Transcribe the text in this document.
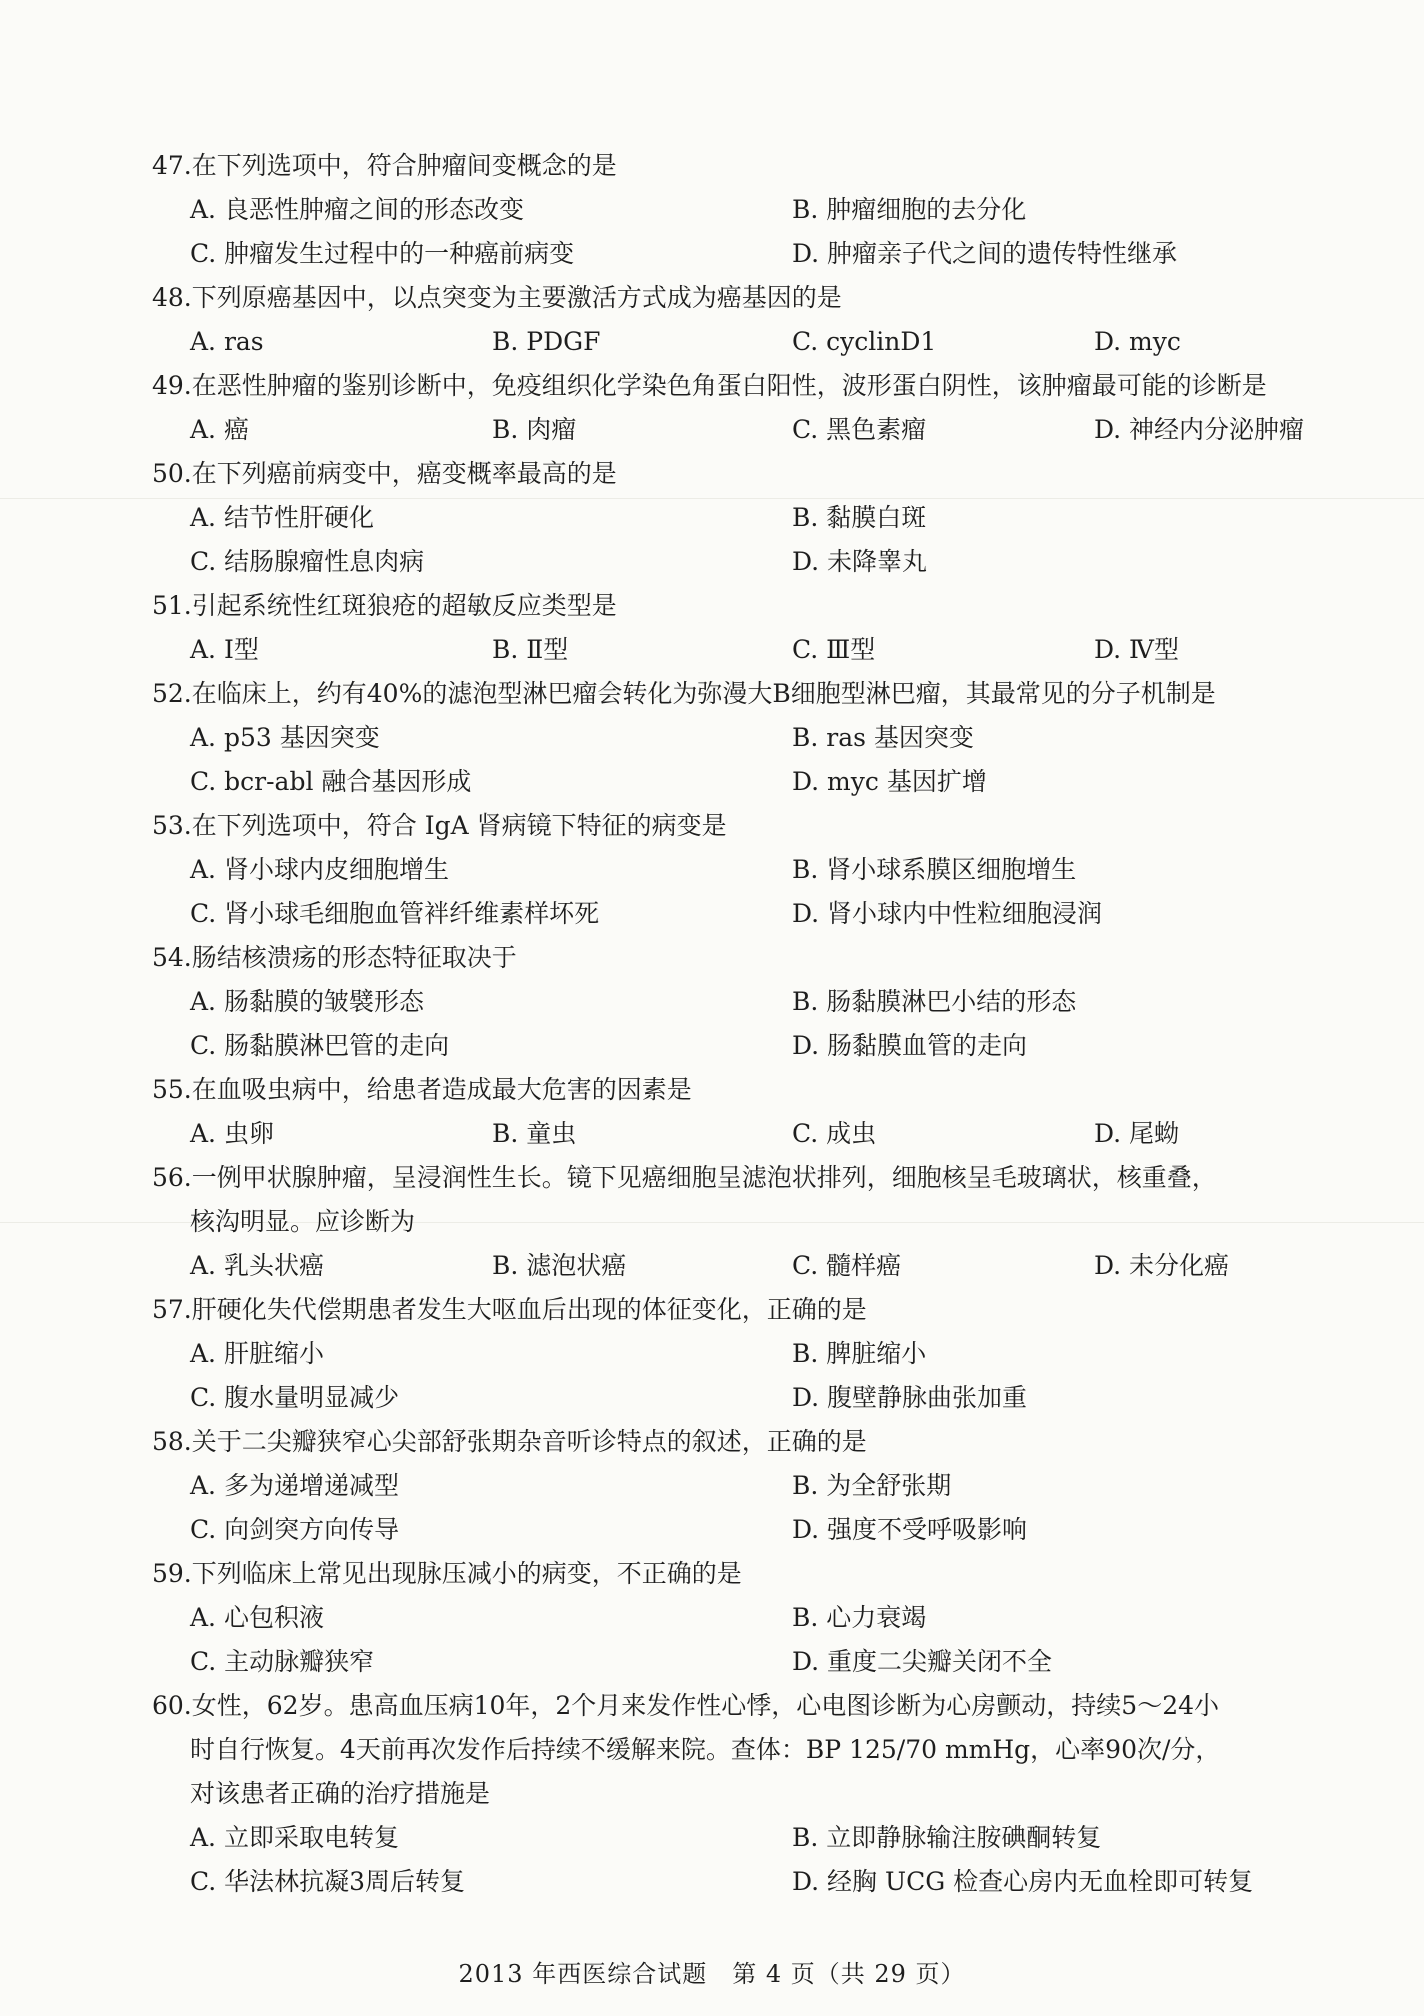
47.在下列选项中，符合肿瘤间变概念的是
A. 良恶性肿瘤之间的形态改变	B. 肿瘤细胞的去分化
C. 肿瘤发生过程中的一种癌前病变	D. 肿瘤亲子代之间的遗传特性继承
48.下列原癌基因中，以点突变为主要激活方式成为癌基因的是
A. ras	B. PDGF	C. cyclinD1	D. myc
49.在恶性肿瘤的鉴别诊断中，免疫组织化学染色角蛋白阳性，波形蛋白阴性，该肿瘤最可能的诊断是
A. 癌	B. 肉瘤	C. 黑色素瘤	D. 神经内分泌肿瘤
50.在下列癌前病变中，癌变概率最高的是
A. 结节性肝硬化	B. 黏膜白斑
C. 结肠腺瘤性息肉病	D. 未降睾丸
51.引起系统性红斑狼疮的超敏反应类型是
A. Ⅰ型	B. Ⅱ型	C. Ⅲ型	D. Ⅳ型
52.在临床上，约有40%的滤泡型淋巴瘤会转化为弥漫大B细胞型淋巴瘤，其最常见的分子机制是
A. p53 基因突变	B. ras 基因突变
C. bcr-abl 融合基因形成	D. myc 基因扩增
53.在下列选项中，符合 IgA 肾病镜下特征的病变是
A. 肾小球内皮细胞增生	B. 肾小球系膜区细胞增生
C. 肾小球毛细胞血管袢纤维素样坏死	D. 肾小球内中性粒细胞浸润
54.肠结核溃疡的形态特征取决于
A. 肠黏膜的皱襞形态	B. 肠黏膜淋巴小结的形态
C. 肠黏膜淋巴管的走向	D. 肠黏膜血管的走向
55.在血吸虫病中，给患者造成最大危害的因素是
A. 虫卵	B. 童虫	C. 成虫	D. 尾蚴
56.一例甲状腺肿瘤，呈浸润性生长。镜下见癌细胞呈滤泡状排列，细胞核呈毛玻璃状，核重叠，
核沟明显。应诊断为
A. 乳头状癌	B. 滤泡状癌	C. 髓样癌	D. 未分化癌
57.肝硬化失代偿期患者发生大呕血后出现的体征变化，正确的是
A. 肝脏缩小	B. 脾脏缩小
C. 腹水量明显减少	D. 腹壁静脉曲张加重
58.关于二尖瓣狭窄心尖部舒张期杂音听诊特点的叙述，正确的是
A. 多为递增递减型	B. 为全舒张期
C. 向剑突方向传导	D. 强度不受呼吸影响
59.下列临床上常见出现脉压减小的病变，不正确的是
A. 心包积液	B. 心力衰竭
C. 主动脉瓣狭窄	D. 重度二尖瓣关闭不全
60.女性，62岁。患高血压病10年，2个月来发作性心悸，心电图诊断为心房颤动，持续5～24小
时自行恢复。4天前再次发作后持续不缓解来院。查体：BP 125/70 mmHg，心率90次/分，
对该患者正确的治疗措施是
A. 立即采取电转复	B. 立即静脉输注胺碘酮转复
C. 华法林抗凝3周后转复	D. 经胸 UCG 检查心房内无血栓即可转复
2013 年西医综合试题　第 4 页（共 29 页）
